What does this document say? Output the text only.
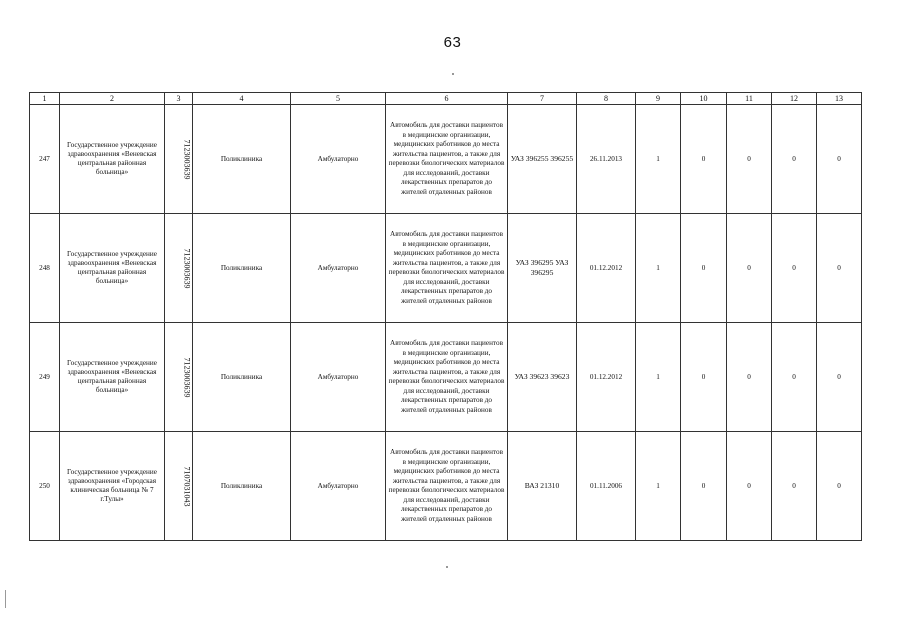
63
1	2	3	4	5	6	7	8	9	10	11	12	13
247	Государственное учреждение здравоохранения «Веневская центральная районная больница»	7123003639	Поликлиника	Амбулаторно	Автомобиль для доставки пациентов в медицинские организации, медицинских работников до места жительства пациентов, а также для перевозки биологических материалов для исследований, доставки лекарственных препаратов до жителей отдаленных районов	УАЗ 396255 396255	26.11.2013	1	0	0	0	0
248	Государственное учреждение здравоохранения «Веневская центральная районная больница»	7123003639	Поликлиника	Амбулаторно	Автомобиль для доставки пациентов в медицинские организации, медицинских работников до места жительства пациентов, а также для перевозки биологических материалов для исследований, доставки лекарственных препаратов до жителей отдаленных районов	УАЗ 396295 УАЗ 396295	01.12.2012	1	0	0	0	0
249	Государственное учреждение здравоохранения «Веневская центральная районная больница»	7123003639	Поликлиника	Амбулаторно	Автомобиль для доставки пациентов в медицинские организации, медицинских работников до места жительства пациентов, а также для перевозки биологических материалов для исследований, доставки лекарственных препаратов до жителей отдаленных районов	УАЗ 39623 39623	01.12.2012	1	0	0	0	0
250	Государственное учреждение здравоохранения «Городская клиническая больница № 7 г.Тулы»	7107031043	Поликлиника	Амбулаторно	Автомобиль для доставки пациентов в медицинские организации, медицинских работников до места жительства пациентов, а также для перевозки биологических материалов для исследований, доставки лекарственных препаратов до жителей отдаленных районов	ВАЗ 21310	01.11.2006	1	0	0	0	0
